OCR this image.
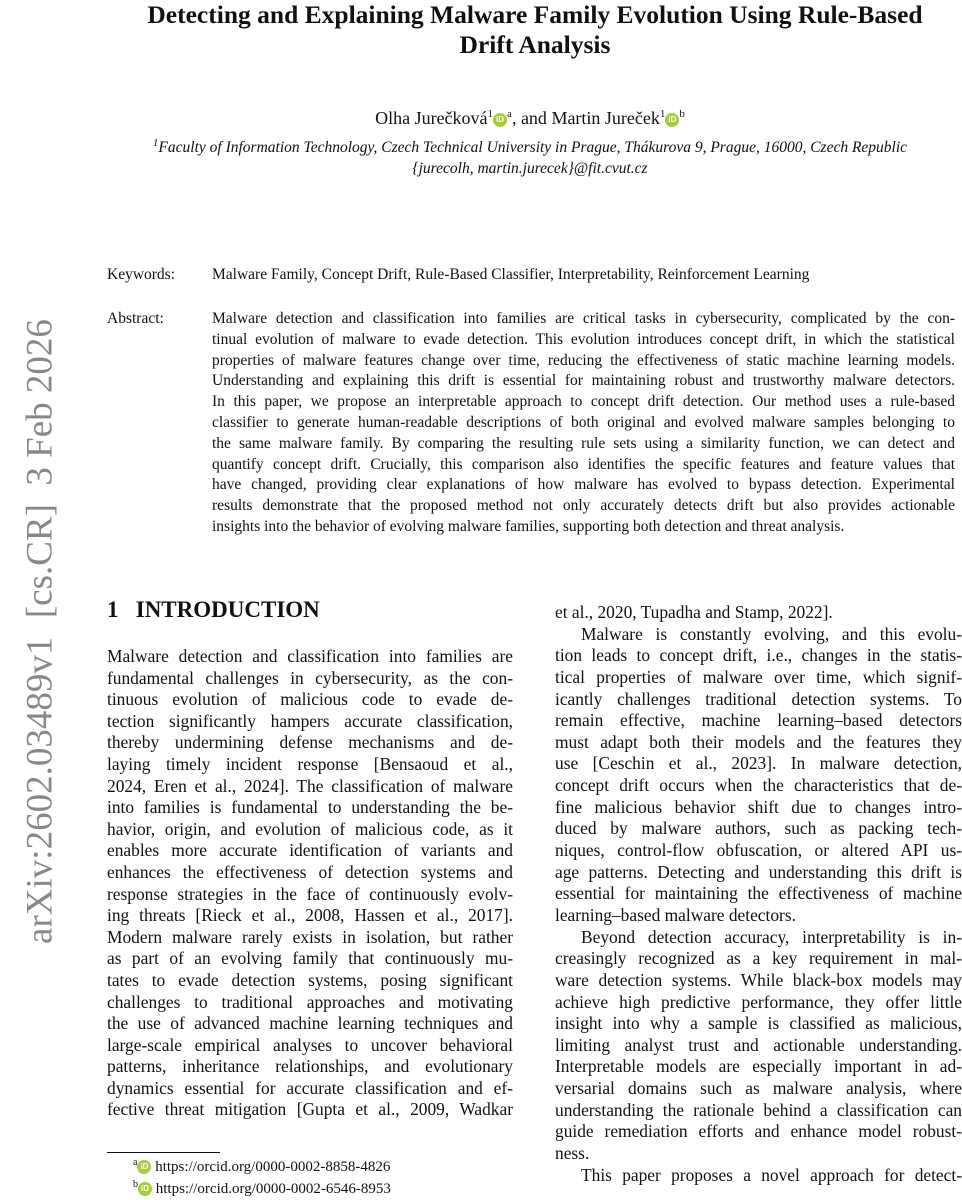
Detecting and Explaining Malware Family Evolution Using Rule-Based
Drift Analysis
Olha Jurečková$^1$ iD $^a$, and Martin Jureček$^1$ iD $^b$
$^1$Faculty of Information Technology, Czech Technical University in Prague, Thákurova 9, Prague, 16000, Czech Republic
{jurecolh, martin.jurecek}@fit.cvut.cz
arXiv:2602.03489v1  [cs.CR]  3 Feb 2026
Keywords: Malware Family, Concept Drift, Rule-Based Classifier, Interpretability, Reinforcement Learning
Abstract:	Malware detection and classification into families are critical tasks in cybersecurity, complicated by the con-
tinual evolution of malware to evade detection. This evolution introduces concept drift, in which the statistical
properties of malware features change over time, reducing the effectiveness of static machine learning models.
Understanding and explaining this drift is essential for maintaining robust and trustworthy malware detectors.
In this paper, we propose an interpretable approach to concept drift detection. Our method uses a rule-based
classifier to generate human-readable descriptions of both original and evolved malware samples belonging to
the same malware family. By comparing the resulting rule sets using a similarity function, we can detect and
quantify concept drift. Crucially, this comparison also identifies the specific features and feature values that
have changed, providing clear explanations of how malware has evolved to bypass detection. Experimental
results demonstrate that the proposed method not only accurately detects drift but also provides actionable
insights into the behavior of evolving malware families, supporting both detection and threat analysis.
1 INTRODUCTION
Malware detection and classification into families are
fundamental challenges in cybersecurity, as the con-
tinuous evolution of malicious code to evade de-
tection significantly hampers accurate classification,
thereby undermining defense mechanisms and de-
laying timely incident response [Bensaoud et al.,
2024, Eren et al., 2024]. The classification of malware
into families is fundamental to understanding the be-
havior, origin, and evolution of malicious code, as it
enables more accurate identification of variants and
enhances the effectiveness of detection systems and
response strategies in the face of continuously evolv-
ing threats [Rieck et al., 2008, Hassen et al., 2017].
Modern malware rarely exists in isolation, but rather
as part of an evolving family that continuously mu-
tates to evade detection systems, posing significant
challenges to traditional approaches and motivating
the use of advanced machine learning techniques and
large-scale empirical analyses to uncover behavioral
patterns, inheritance relationships, and evolutionary
dynamics essential for accurate classification and ef-
fective threat mitigation [Gupta et al., 2009, Wadkar
et al., 2020, Tupadha and Stamp, 2022].
Malware is constantly evolving, and this evolu-
tion leads to concept drift, i.e., changes in the statis-
tical properties of malware over time, which signif-
icantly challenges traditional detection systems. To
remain effective, machine learning–based detectors
must adapt both their models and the features they
use [Ceschin et al., 2023]. In malware detection,
concept drift occurs when the characteristics that de-
fine malicious behavior shift due to changes intro-
duced by malware authors, such as packing tech-
niques, control-flow obfuscation, or altered API us-
age patterns. Detecting and understanding this drift is
essential for maintaining the effectiveness of machine
learning–based malware detectors.
Beyond detection accuracy, interpretability is in-
creasingly recognized as a key requirement in mal-
ware detection systems. While black-box models may
achieve high predictive performance, they offer little
insight into why a sample is classified as malicious,
limiting analyst trust and actionable understanding.
Interpretable models are especially important in ad-
versarial domains such as malware analysis, where
understanding the rationale behind a classification can
guide remediation efforts and enhance model robust-
ness.
This paper proposes a novel approach for detect-
$^a$ iD https://orcid.org/0000-0002-8858-4826
$^b$ iD https://orcid.org/0000-0002-6546-8953
